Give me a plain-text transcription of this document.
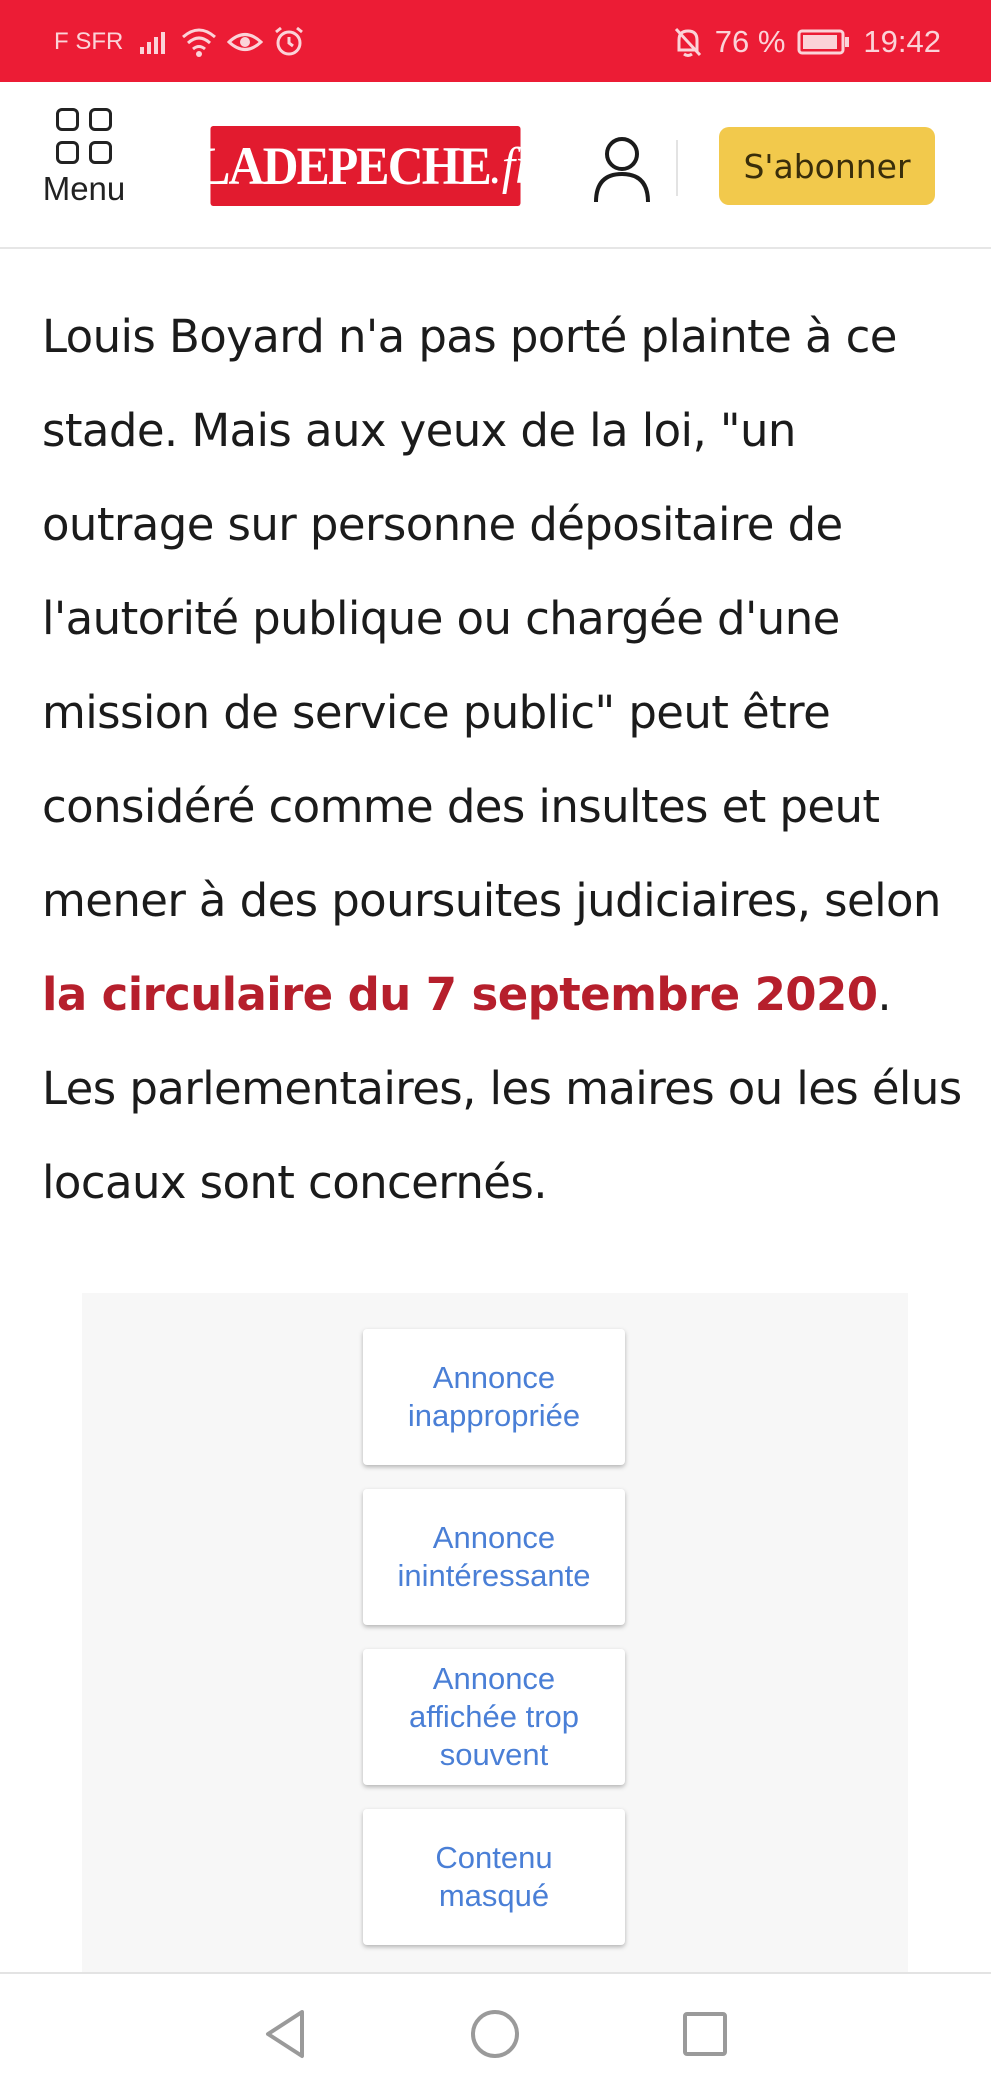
F SFR	76 %	19:42
Menu LADEPECHE .fr	S'abonner

Louis Boyard n'a pas porté plainte à ce stade. Mais aux yeux de la loi, "un outrage sur personne dépositaire de l'autorité publique ou chargée d'une mission de service public" peut être considéré comme des insultes et peut mener à des poursuites judiciaires, selon la circulaire du 7 septembre 2020. Les parlementaires, les maires ou les élus locaux sont concernés.

Annonce
inappropriée
Annonce
inintéressante
Annonce
affichée trop
souvent
Contenu
masqué
